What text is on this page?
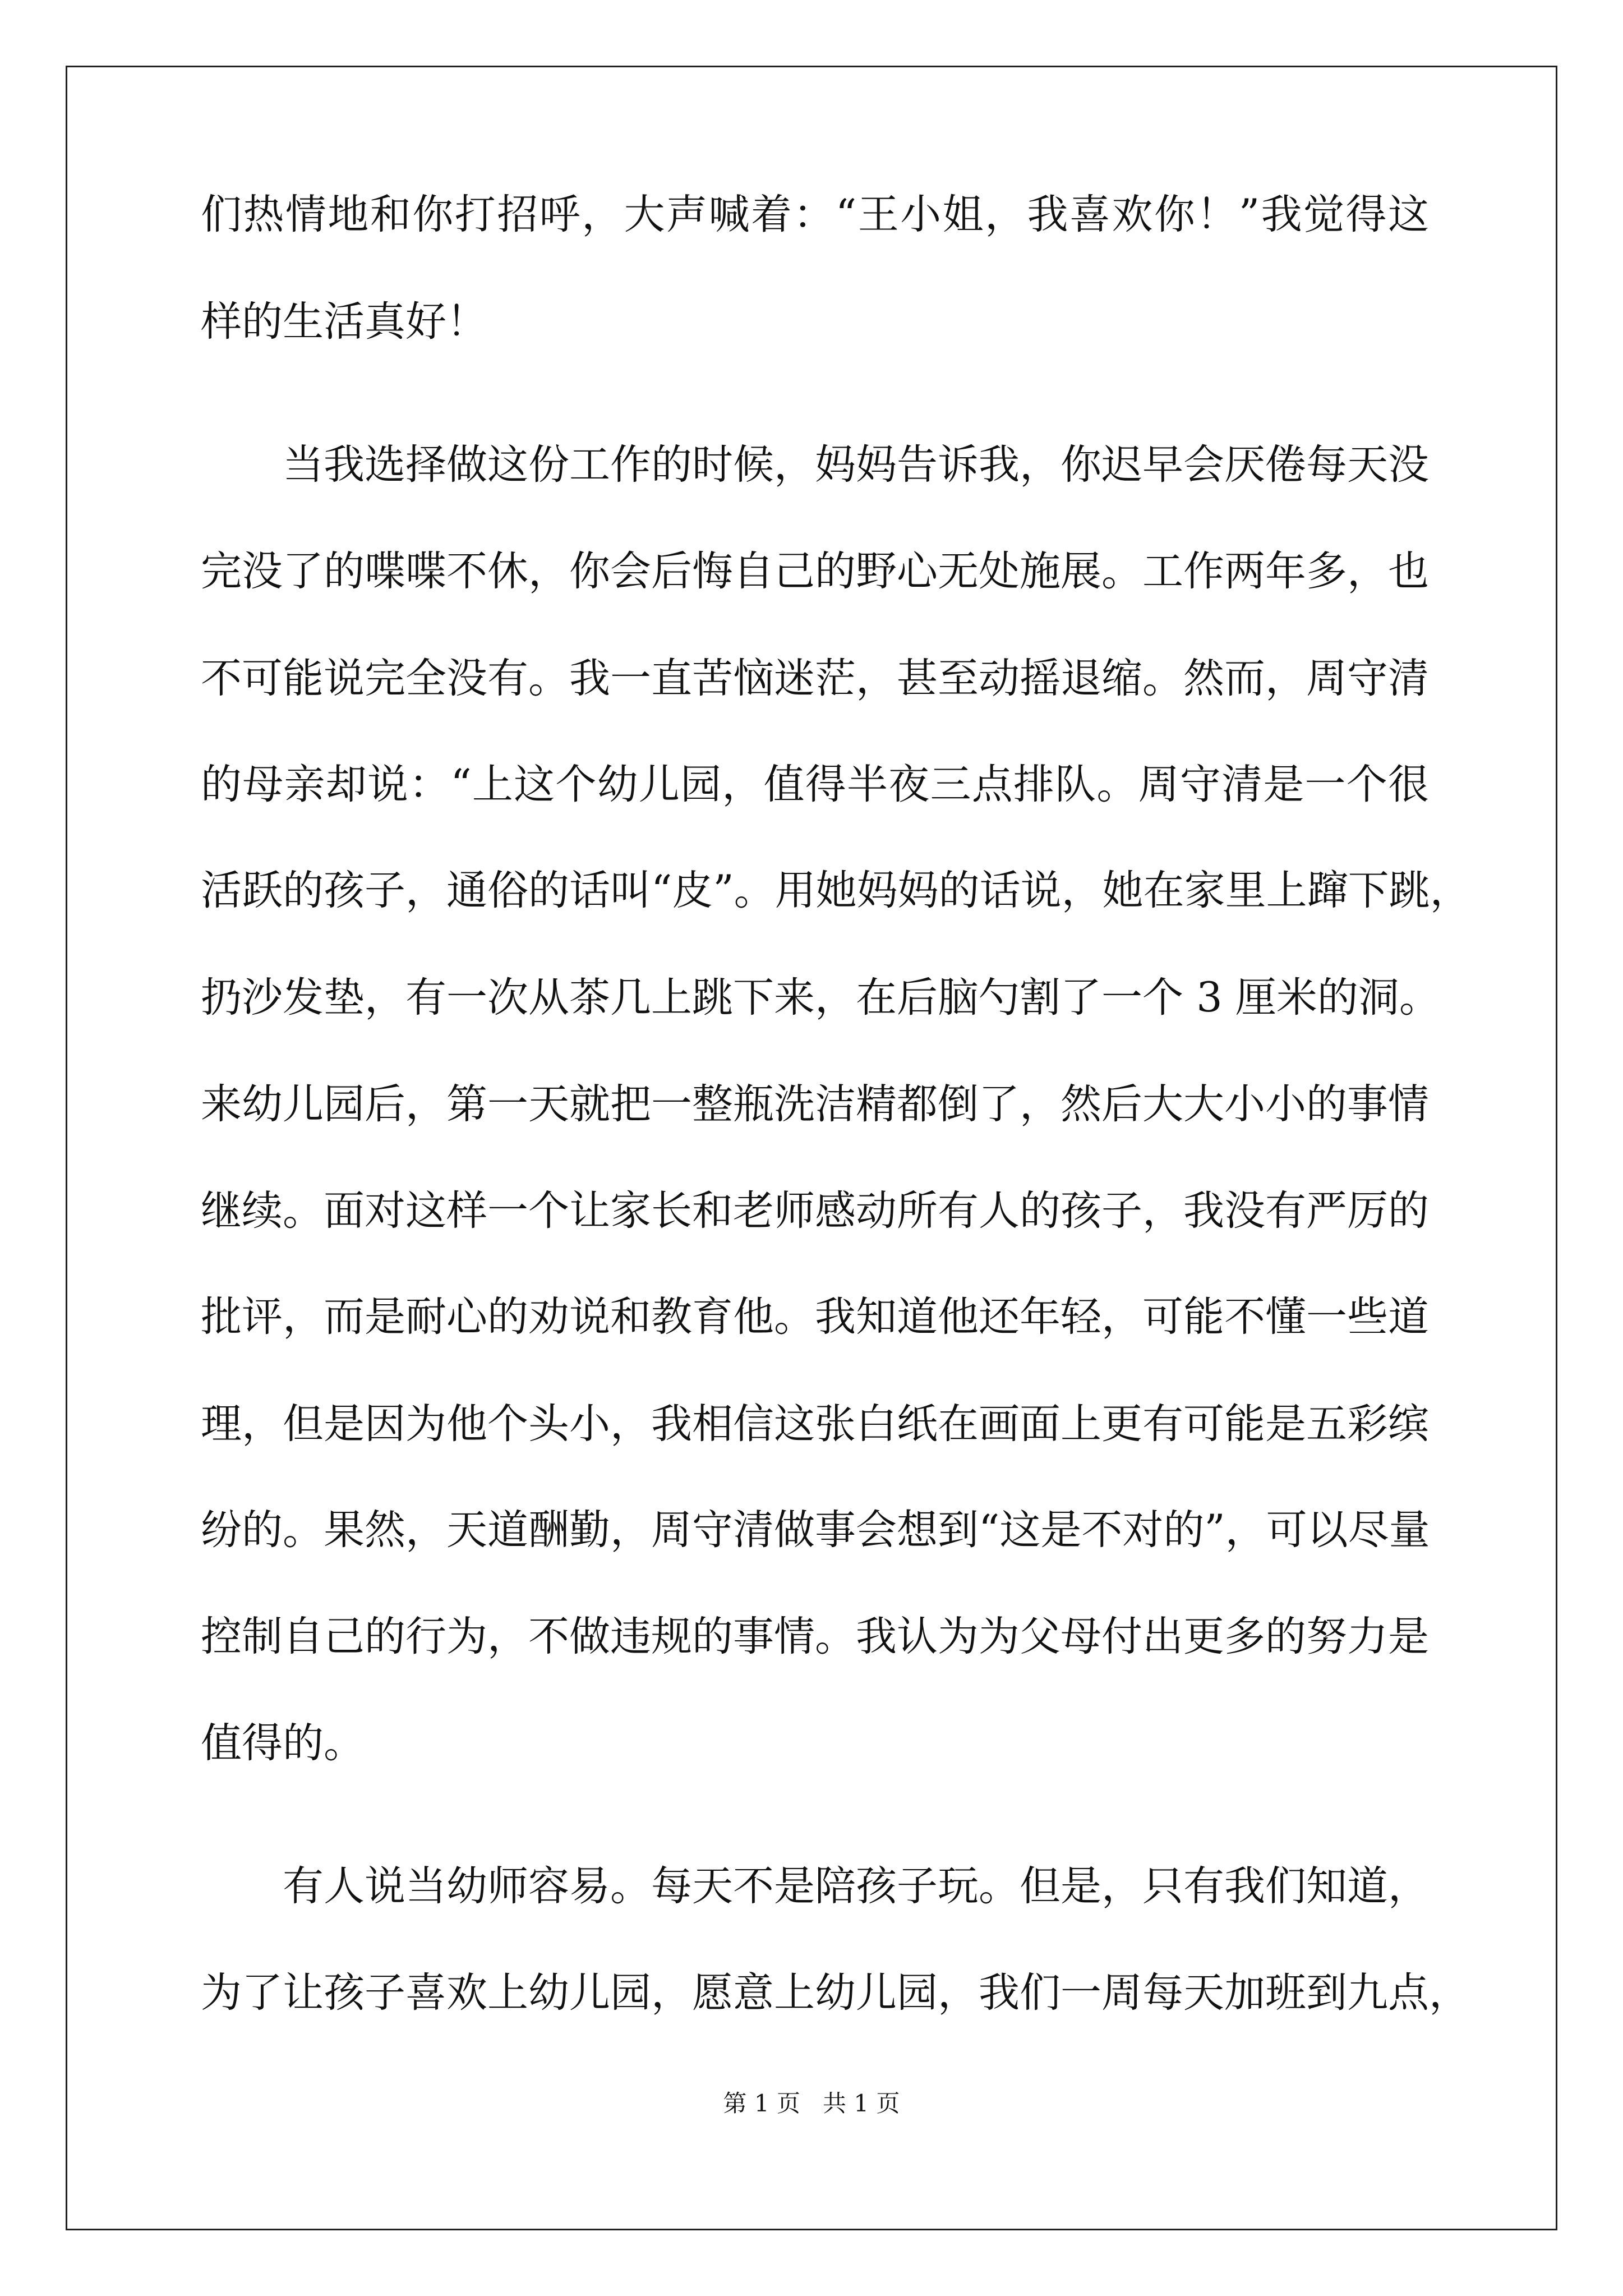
们热情地和你打招呼，大声喊着：“王小姐，我喜欢你！”我觉得这
样的生活真好！
当我选择做这份工作的时候，妈妈告诉我，你迟早会厌倦每天没
完没了的喋喋不休，你会后悔自己的野心无处施展。工作两年多，也
不可能说完全没有。我一直苦恼迷茫，甚至动摇退缩。然而，周守清
的母亲却说：“上这个幼儿园，值得半夜三点排队。周守清是一个很
活跃的孩子，通俗的话叫“皮”。用她妈妈的话说，她在家里上蹿下跳，
扔沙发垫，有一次从茶几上跳下来，在后脑勺割了一个 3 厘米的洞。
来幼儿园后，第一天就把一整瓶洗洁精都倒了，然后大大小小的事情
继续。面对这样一个让家长和老师感动所有人的孩子，我没有严厉的
批评，而是耐心的劝说和教育他。我知道他还年轻，可能不懂一些道
理，但是因为他个头小，我相信这张白纸在画面上更有可能是五彩缤
纷的。果然，天道酬勤，周守清做事会想到“这是不对的”，可以尽量
控制自己的行为，不做违规的事情。我认为为父母付出更多的努力是
值得的。
有人说当幼师容易。每天不是陪孩子玩。但是，只有我们知道，
为了让孩子喜欢上幼儿园，愿意上幼儿园，我们一周每天加班到九点，
第 1 页   共 1 页
